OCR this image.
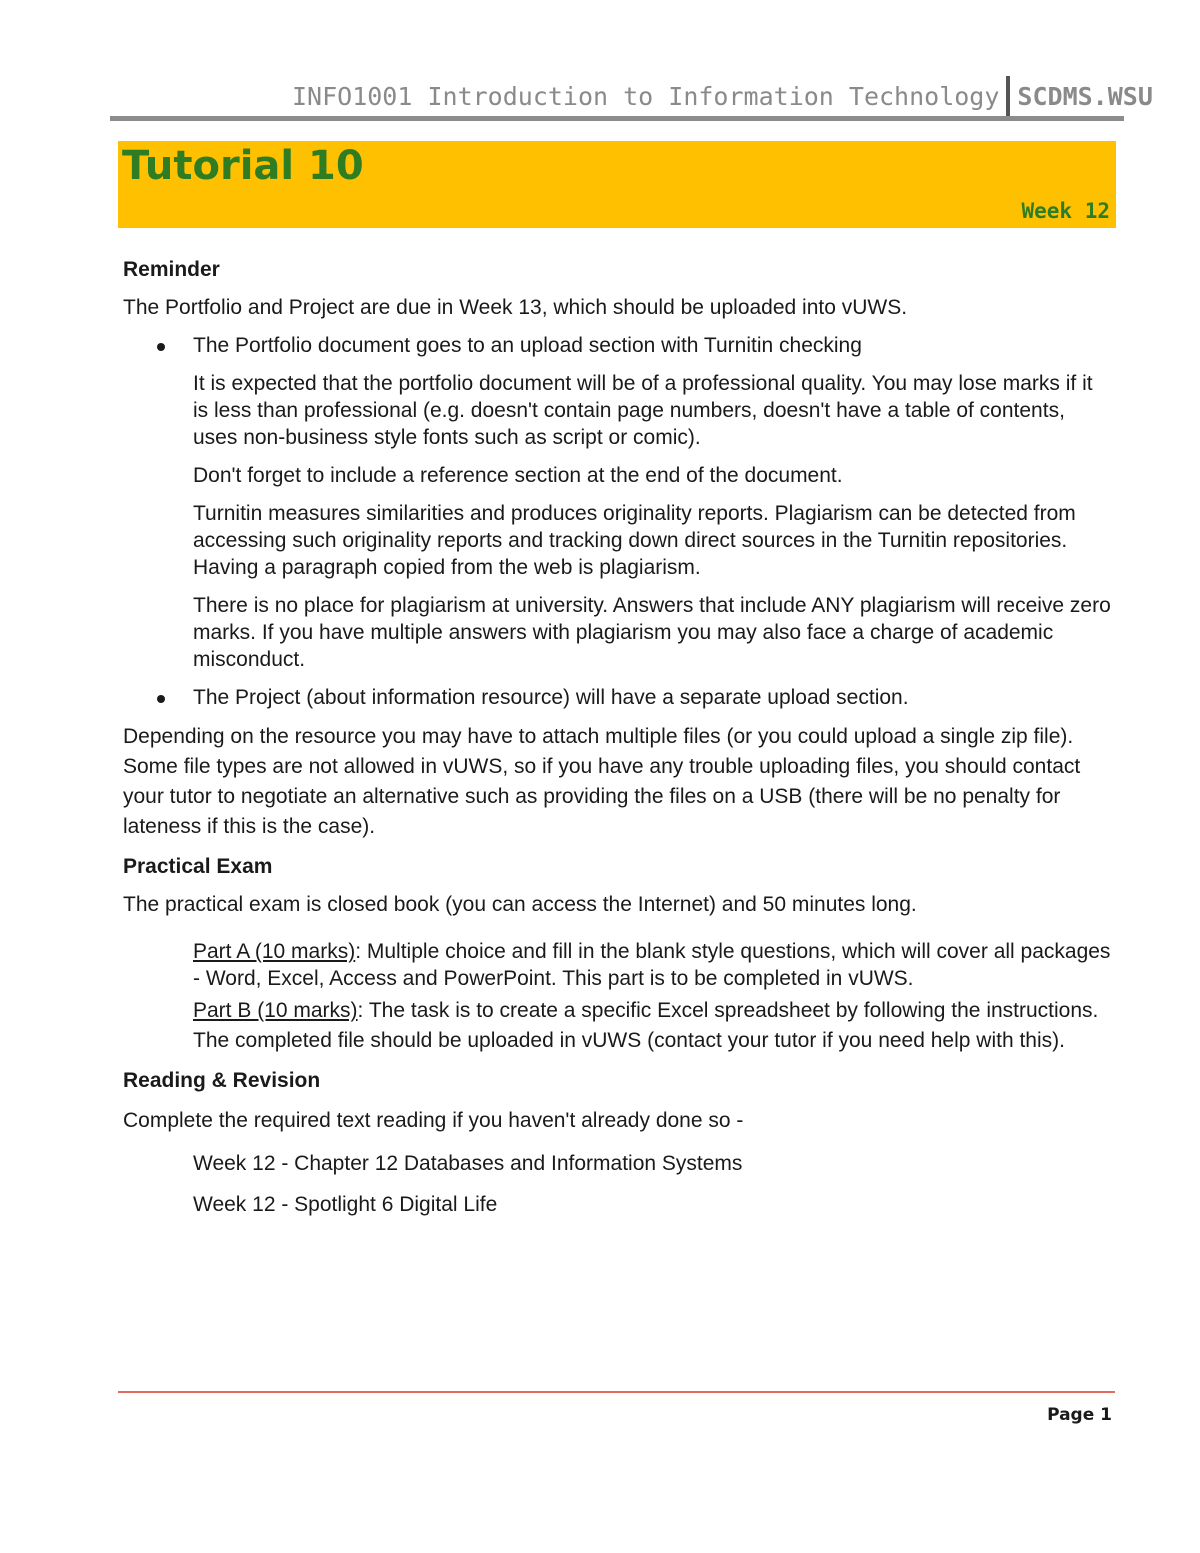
INFO1001 Introduction to Information Technology SCDMS.WSU
Tutorial 10
Week 12

Reminder

The Portfolio and Project are due in Week 13, which should be uploaded into vUWS.

The Portfolio document goes to an upload section with Turnitin checking

It is expected that the portfolio document will be of a professional quality. You may lose marks if it is less than professional (e.g. doesn't contain page numbers, doesn't have a table of contents, uses non-business style fonts such as script or comic).

Don't forget to include a reference section at the end of the document.

Turnitin measures similarities and produces originality reports. Plagiarism can be detected from accessing such originality reports and tracking down direct sources in the Turnitin repositories. Having a paragraph copied from the web is plagiarism.

There is no place for plagiarism at university. Answers that include ANY plagiarism will receive zero marks. If you have multiple answers with plagiarism you may also face a charge of academic misconduct.

The Project (about information resource) will have a separate upload section.

Depending on the resource you may have to attach multiple files (or you could upload a single zip file). Some file types are not allowed in vUWS, so if you have any trouble uploading files, you should contact your tutor to negotiate an alternative such as providing the files on a USB (there will be no penalty for lateness if this is the case).

Practical Exam

The practical exam is closed book (you can access the Internet) and 50 minutes long.

Part A (10 marks): Multiple choice and fill in the blank style questions, which will cover all packages - Word, Excel, Access and PowerPoint. This part is to be completed in vUWS.

Part B (10 marks): The task is to create a specific Excel spreadsheet by following the instructions. The completed file should be uploaded in vUWS (contact your tutor if you need help with this).

Reading & Revision

Complete the required text reading if you haven't already done so -

Week 12 - Chapter 12 Databases and Information Systems

Week 12 - Spotlight 6 Digital Life

Page 1
